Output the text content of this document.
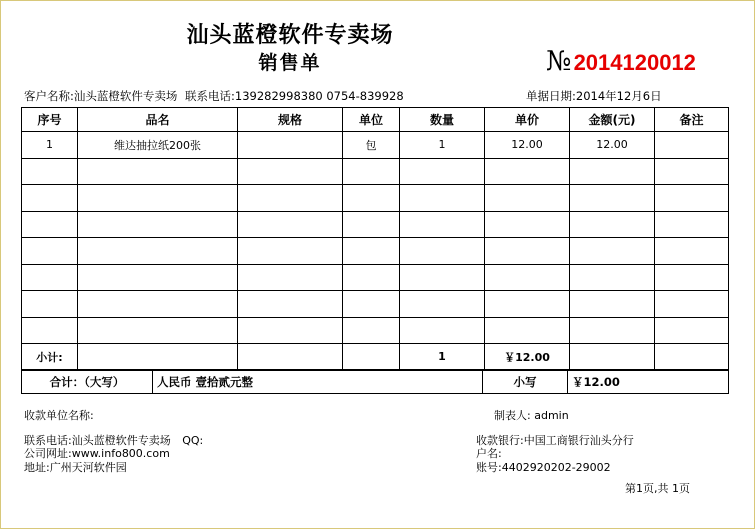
汕头蓝橙软件专卖场
销售单	№2014120012
客户名称:汕头蓝橙软件专卖场 联系电话:139282998380 0754-839928	单据日期:2014年12月6日
序号	品名	规格	单位	数量	单价	金额(元)	备注
1	维达抽拉纸200张		包	1	12.00	12.00	

小计:				1	￥12.00		
合计：（大写）	人民币 壹拾贰元整	小写	￥12.00
收款单位名称:	制表人: admin
联系电话:汕头蓝橙软件专卖场 QQ:
公司网址:www.info800.com
地址:广州天河软件园
收款银行:中国工商银行汕头分行
户名:
账号:4402920202-29002
第1页,共 1页
